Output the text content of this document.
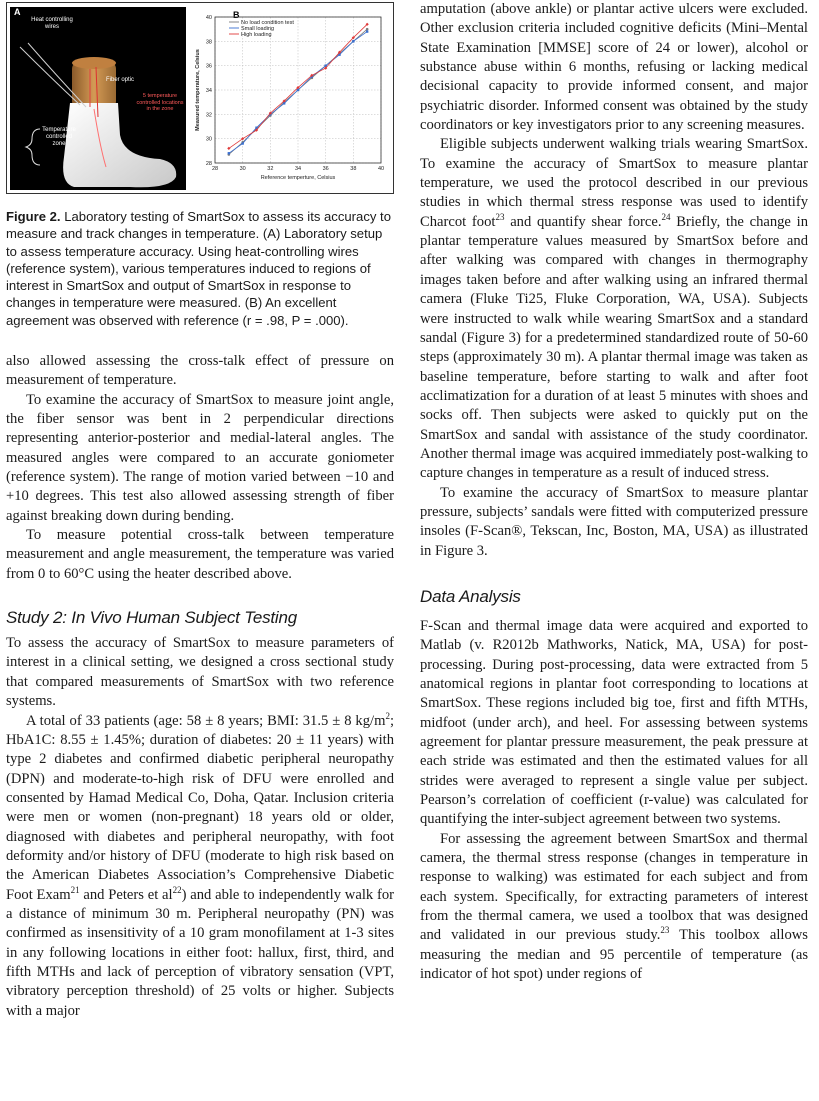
A
Heat controlling wires
Fiber optic
5 temperature controlled locations in the zone
Temperature controlled zone
B
28	30	32	34	36	38	40
28
30
32
34
36
38
40
Reference temperture, Celsius
Measured temperature, Celsius
No load condition test
Small loading
High loading

Figure 2. Laboratory testing of SmartSox to assess its accuracy to measure and track changes in temperature. (A) Laboratory setup to assess temperature accuracy. Using heat-controlling wires (reference system), various temperatures induced to regions of interest in SmartSox and output of SmartSox in response to changes in temperature were measured. (B) An excellent agreement was observed with reference (r = .98, P = .000).

also allowed assessing the cross-talk effect of pressure on measurement of temperature.

To examine the accuracy of SmartSox to measure joint angle, the fiber sensor was bent in 2 perpendicular directions representing anterior-posterior and medial-lateral angles. The measured angles were compared to an accurate goniometer (reference system). The range of motion varied between −10 and +10 degrees. This test also allowed assessing strength of fiber against breaking down during bending.

To measure potential cross-talk between temperature measurement and angle measurement, the temperature was varied from 0 to 60°C using the heater described above.

Study 2: In Vivo Human Subject Testing

To assess the accuracy of SmartSox to measure parameters of interest in a clinical setting, we designed a cross sectional study that compared measurements of SmartSox with two reference systems.

A total of 33 patients (age: 58 ± 8 years; BMI: 31.5 ± 8 $kg/m^2$; HbA1C: 8.55 ± 1.45%; duration of diabetes: 20 ± 11 years) with type 2 diabetes and confirmed diabetic peripheral neuropathy (DPN) and moderate-to-high risk of DFU were enrolled and consented by Hamad Medical Co, Doha, Qatar. Inclusion criteria were men or women (non-pregnant) 18 years old or older, diagnosed with diabetes and peripheral neuropathy, with foot deformity and/or history of DFU (moderate to high risk based on the American Diabetes Association’s Comprehensive Diabetic Foot Exam$^{21}$ and Peters et $al^{22}$) and able to independently walk for a distance of minimum 30 m. Peripheral neuropathy (PN) was confirmed as insensitivity of a 10 gram monofilament at 1-3 sites in any following locations in either foot: hallux, first, third, and fifth MTHs and lack of perception of vibratory sensation (VPT, vibratory perception threshold) of 25 volts or higher. Subjects with a major

amputation (above ankle) or plantar active ulcers were excluded. Other exclusion criteria included cognitive deficits (Mini–Mental State Examination [MMSE] score of 24 or lower), alcohol or substance abuse within 6 months, refusing or lacking medical decisional capacity to provide informed consent, and major psychiatric disorder. Informed consent was obtained by the study coordinators or key investigators prior to any screening measures.

Eligible subjects underwent walking trials wearing SmartSox. To examine the accuracy of SmartSox to measure plantar temperature, we used the protocol described in our previous studies in which thermal stress response was used to identify Charcot foot$^{23}$ and quantify shear force.$^{24}$ Briefly, the change in plantar temperature values measured by SmartSox before and after walking was compared with changes in thermography images taken before and after walking using an infrared thermal camera (Fluke Ti25, Fluke Corporation, WA, USA). Subjects were instructed to walk while wearing SmartSox and a standard sandal (Figure 3) for a predetermined standardized route of 50-60 steps (approximately 30 m). A plantar thermal image was taken as baseline temperature, before starting to walk and after foot acclimatization for a duration of at least 5 minutes with shoes and socks off. Then subjects were asked to quickly put on the SmartSox and sandal with assistance of the study coordinator. Another thermal image was acquired immediately post-walking to capture changes in temperature as a result of induced stress.

To examine the accuracy of SmartSox to measure plantar pressure, subjects’ sandals were fitted with computerized pressure insoles (F-Scan®, Tekscan, Inc, Boston, MA, USA) as illustrated in Figure 3.

Data Analysis

F-Scan and thermal image data were acquired and exported to Matlab (v. R2012b Mathworks, Natick, MA, USA) for post-processing. During post-processing, data were extracted from 5 anatomical regions in plantar foot corresponding to locations at SmartSox. These regions included big toe, first and fifth MTHs, midfoot (under arch), and heel. For assessing between systems agreement for plantar pressure measurement, the peak pressure at each stride was estimated and then the estimated values for all strides were averaged to represent a single value per subject. Pearson’s correlation of coefficient (r-value) was calculated for quantifying the inter-subject agreement between two systems.

For assessing the agreement between SmartSox and thermal camera, the thermal stress response (changes in temperature in response to walking) was estimated for each subject and from each system. Specifically, for extracting parameters of interest from the thermal camera, we used a toolbox that was designed and validated in our previous study.$^{23}$ This toolbox allows measuring the median and 95 percentile of temperature (as indicator of hot spot) under regions of
